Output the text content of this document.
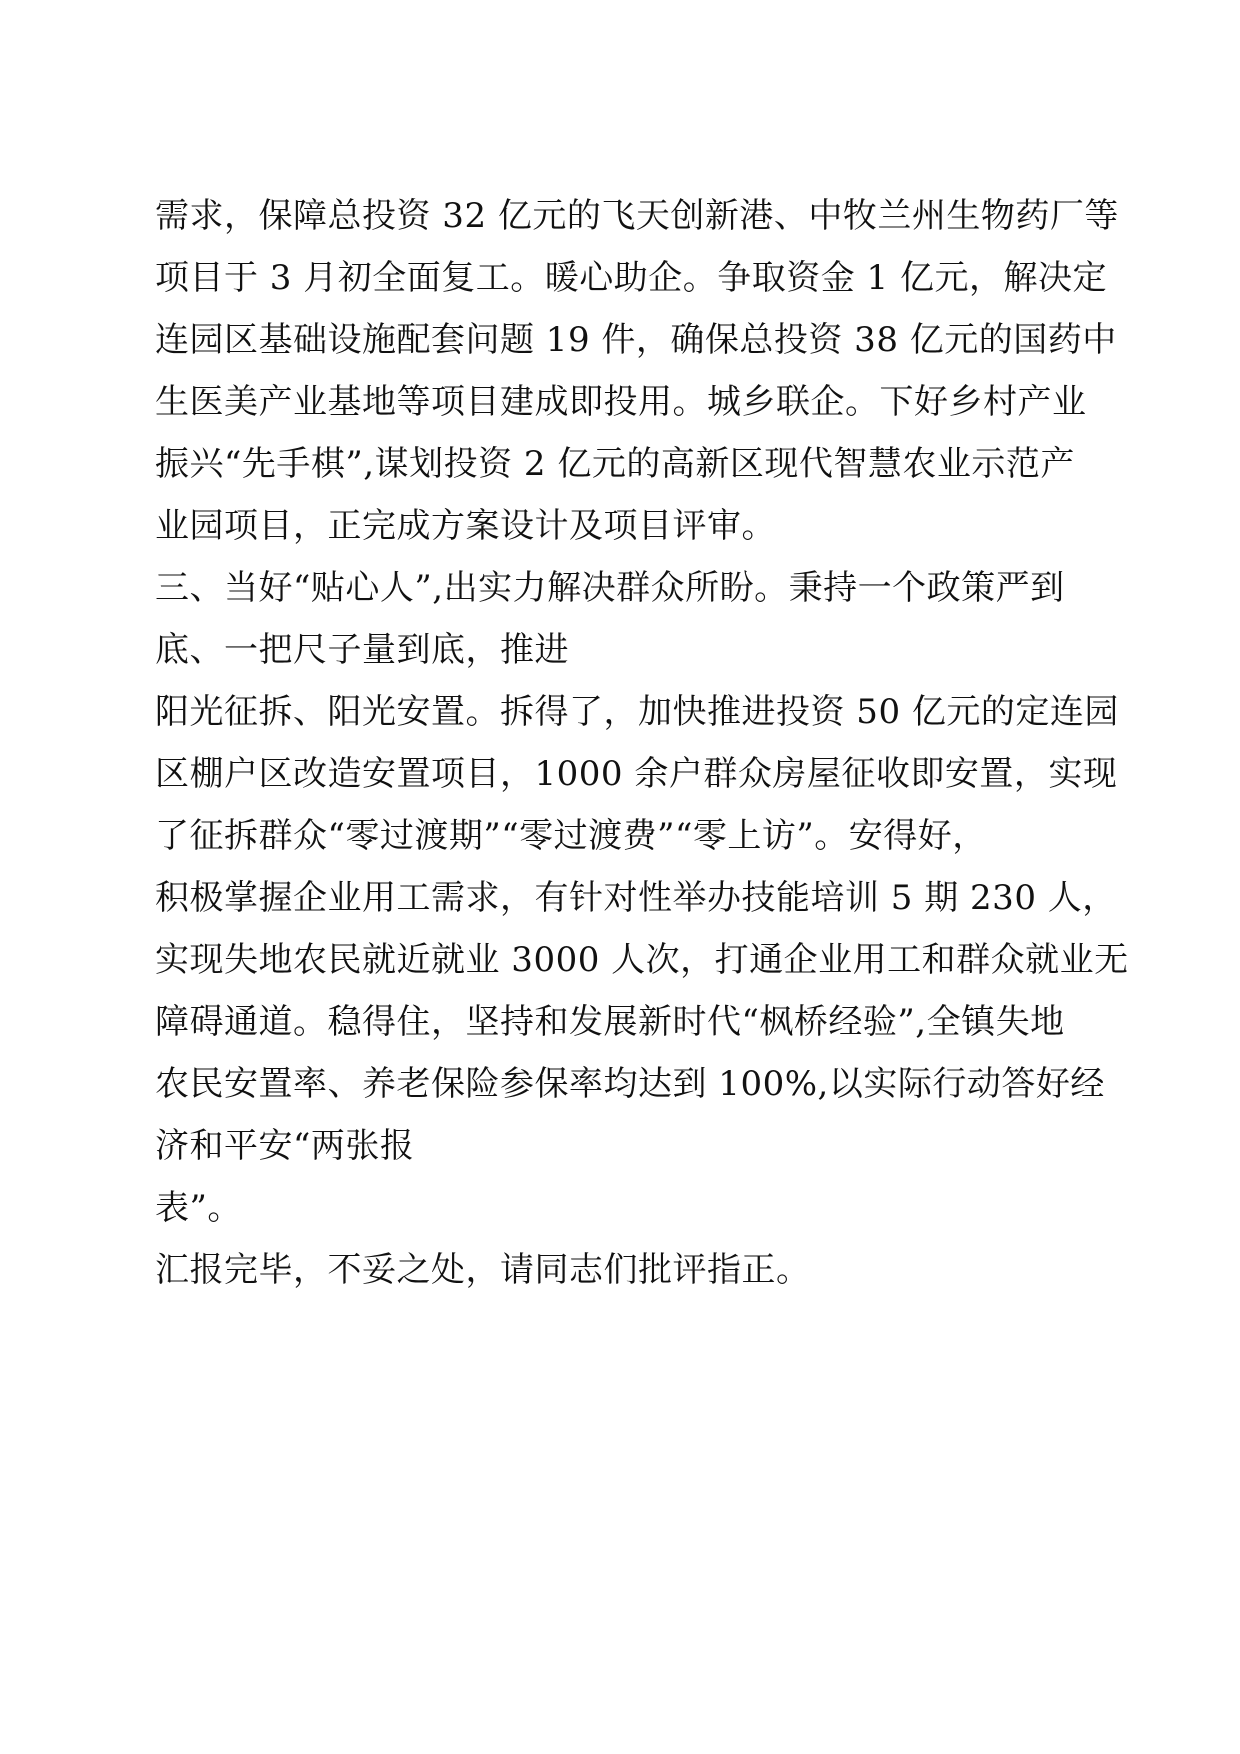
需求，保障总投资 32 亿元的飞天创新港、中牧兰州生物药厂等
项目于 3 月初全面复工。暖心助企。争取资金 1 亿元，解决定
连园区基础设施配套问题 19 件，确保总投资 38 亿元的国药中
生医美产业基地等项目建成即投用。城乡联企。下好乡村产业
振兴“先手棋”,谋划投资 2 亿元的高新区现代智慧农业示范产
业园项目，正完成方案设计及项目评审。
三、当好“贴心人”,出实力解决群众所盼。秉持一个政策严到
底、一把尺子量到底，推进
阳光征拆、阳光安置。拆得了，加快推进投资 50 亿元的定连园
区棚户区改造安置项目，1000 余户群众房屋征收即安置，实现
了征拆群众“零过渡期”“零过渡费”“零上访”。安得好，
积极掌握企业用工需求，有针对性举办技能培训 5 期 230 人，
实现失地农民就近就业 3000 人次，打通企业用工和群众就业无
障碍通道。稳得住，坚持和发展新时代“枫桥经验”,全镇失地
农民安置率、养老保险参保率均达到 100%,以实际行动答好经
济和平安“两张报
表”。
汇报完毕，不妥之处，请同志们批评指正。
